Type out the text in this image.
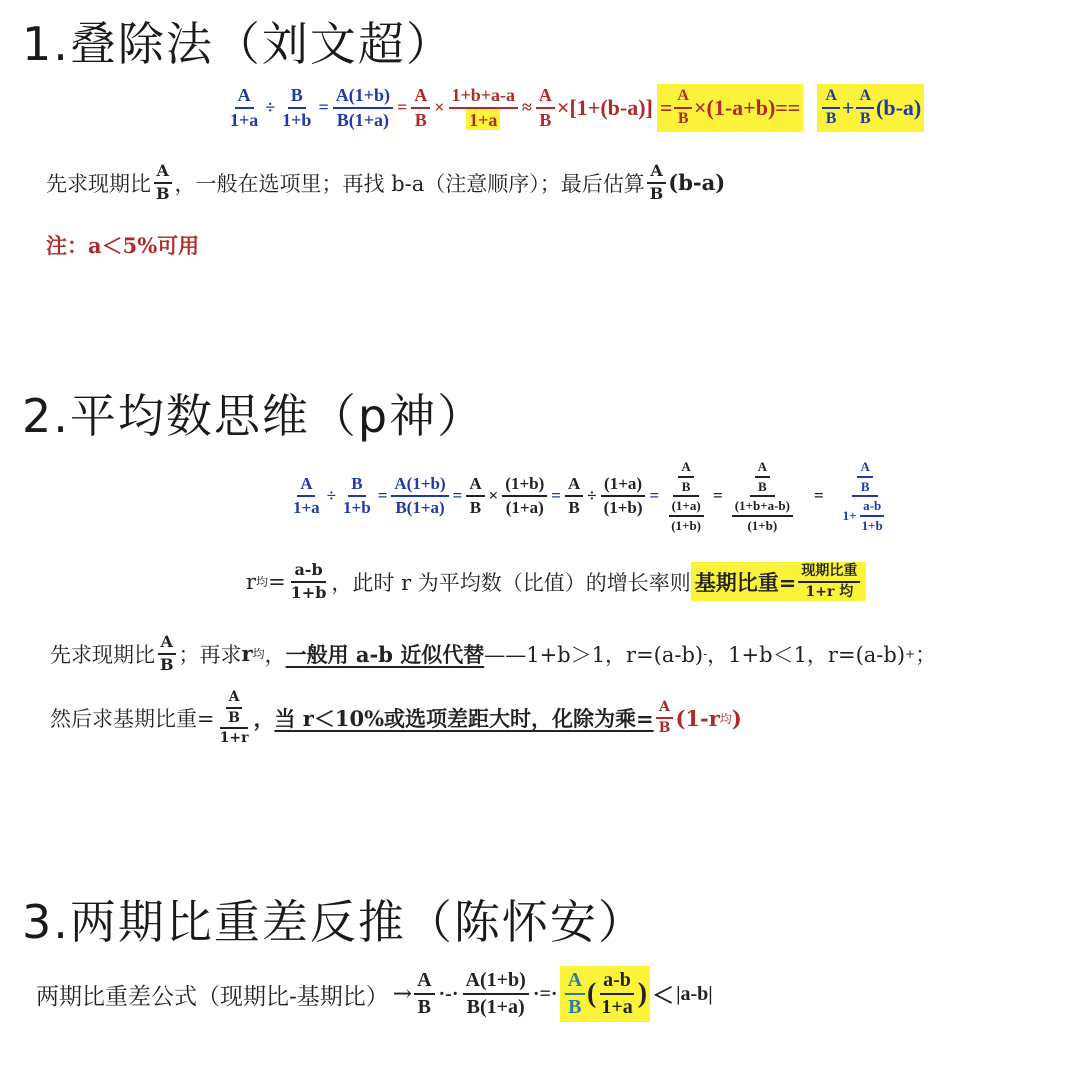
1.叠除法（刘文超）
$\frac{A}{1+a} \div \frac{B}{1+b} = \frac{A(1+b)}{B(1+a)} = \frac{A}{B} \times \frac{1+b+a-a}{1+a} \approx \frac{A}{B} \times[1+(b-a)] = \frac{A}{B} \times(1-a+b)== \frac{A}{B} + \frac{A}{B} (b-a)$
先求现期比 $\frac{A}{B}$ ，一般在选项里；再找 b-a（注意顺序）；最后估算 $\frac{A}{B} (b-a)$
注：a＜5%可用
2.平均数思维（p神）
$\frac{A}{1+a} \div \frac{B}{1+b} = \frac{A(1+b)}{B(1+a)} = \frac{A}{B} \times \frac{(1+b)}{(1+a)} = \frac{A}{B} \div \frac{(1+a)}{(1+b)} = \frac{\frac{A}{B}}{\frac{(1+a)}{(1+b)}} = \frac{\frac{A}{B}}{\frac{(1+b+a-b)}{(1+b)}} = \frac{\frac{A}{B}}{1+ \frac{a-b}{1+b}}$
r 均 = $\frac{a-b}{1+b}$ ，此时 r 为平均数（比值）的增长率则 基期比重= $\frac{\text{现期比重}}{\text{1+r 均}}$
先求现期比 $\frac{A}{B}$ ；再求 r 均 ， 一般用 a-b 近似代替 ——1+b＞1，r=(a-b) - ，1+b＜1，r=(a-b) + ；
然后求基期比重= $\frac{\frac{A}{B}}{1+r}$ ， 当 r＜10%或选项差距大时，化除为乘= $\frac{A}{B} (1-r$ 均 )
3.两期比重差反推（陈怀安）
两期比重差公式（现期比-基期比） → $\frac{A}{B}$ ·-· $\frac{A(1+b)}{B(1+a)}$ ·=· $\frac{A}{B}$ ( $\frac{a-b}{1+a}$ ) ＜ |a-b|
